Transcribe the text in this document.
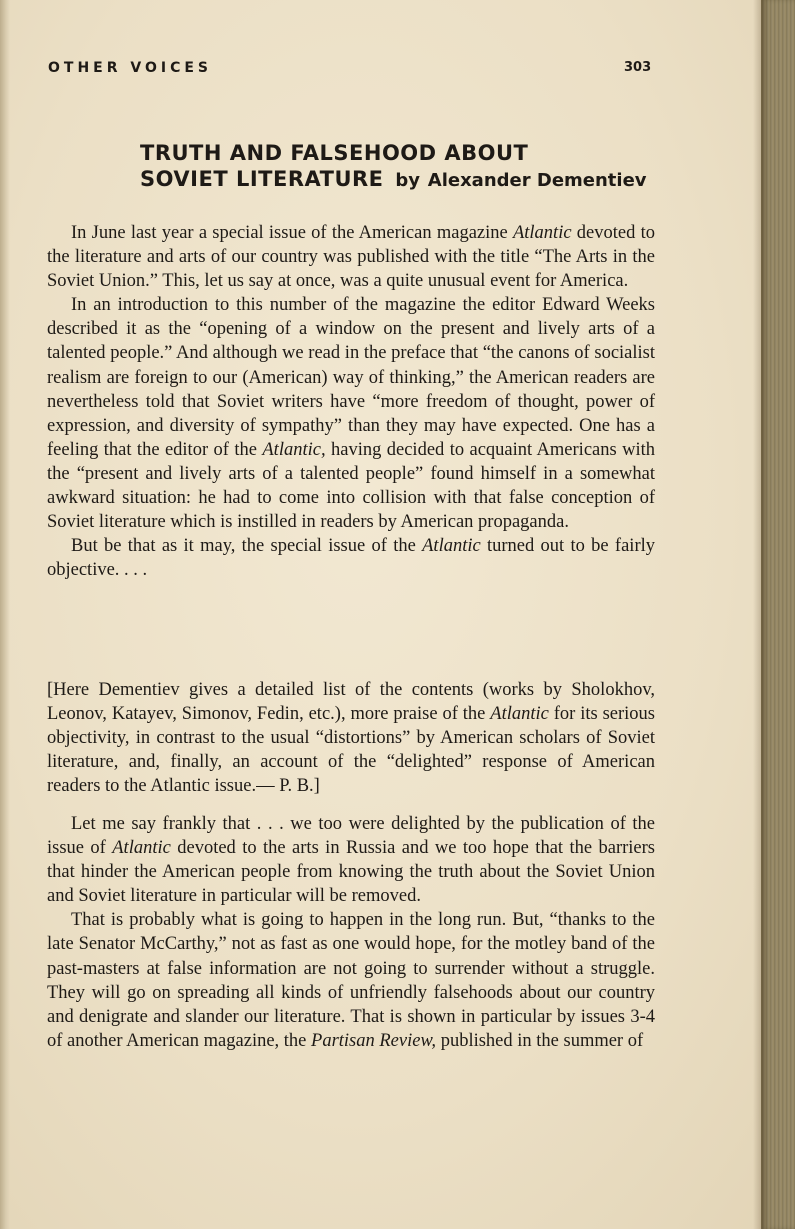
OTHER VOICES	303
TRUTH AND FALSEHOOD ABOUT
SOVIET LITERATURE by Alexander Dementiev

In June last year a special issue of the American magazine Atlantic devoted to the literature and arts of our country was published with the title “The Arts in the Soviet Union.” This, let us say at once, was a quite unusual event for America.

In an introduction to this number of the magazine the editor Edward Weeks described it as the “opening of a window on the present and lively arts of a talented people.” And although we read in the preface that “the canons of socialist realism are foreign to our (American) way of thinking,” the American readers are nevertheless told that Soviet writers have “more freedom of thought, power of expression, and diversity of sympathy” than they may have expected. One has a feeling that the editor of the Atlantic, having decided to acquaint Americans with the “present and lively arts of a talented people” found himself in a somewhat awkward situation: he had to come into collision with that false conception of Soviet literature which is instilled in readers by American propaganda.

But be that as it may, the special issue of the Atlantic turned out to be fairly objective. . . .

[Here Dementiev gives a detailed list of the contents (works by Sholokhov, Leonov, Katayev, Simonov, Fedin, etc.), more praise of the Atlantic for its serious objectivity, in contrast to the usual “distortions” by American scholars of Soviet literature, and, finally, an account of the “delighted” response of American readers to the Atlantic issue.— P. B.]

Let me say frankly that . . . we too were delighted by the publication of the issue of Atlantic devoted to the arts in Russia and we too hope that the barriers that hinder the American people from knowing the truth about the Soviet Union and Soviet literature in particular will be removed.

That is probably what is going to happen in the long run. But, “thanks to the late Senator McCarthy,” not as fast as one would hope, for the motley band of the past-masters at false information are not going to surrender without a struggle. They will go on spreading all kinds of unfriendly falsehoods about our country and denigrate and slander our literature. That is shown in particular by issues 3-4 of another American magazine, the Partisan Review, published in the summer of
